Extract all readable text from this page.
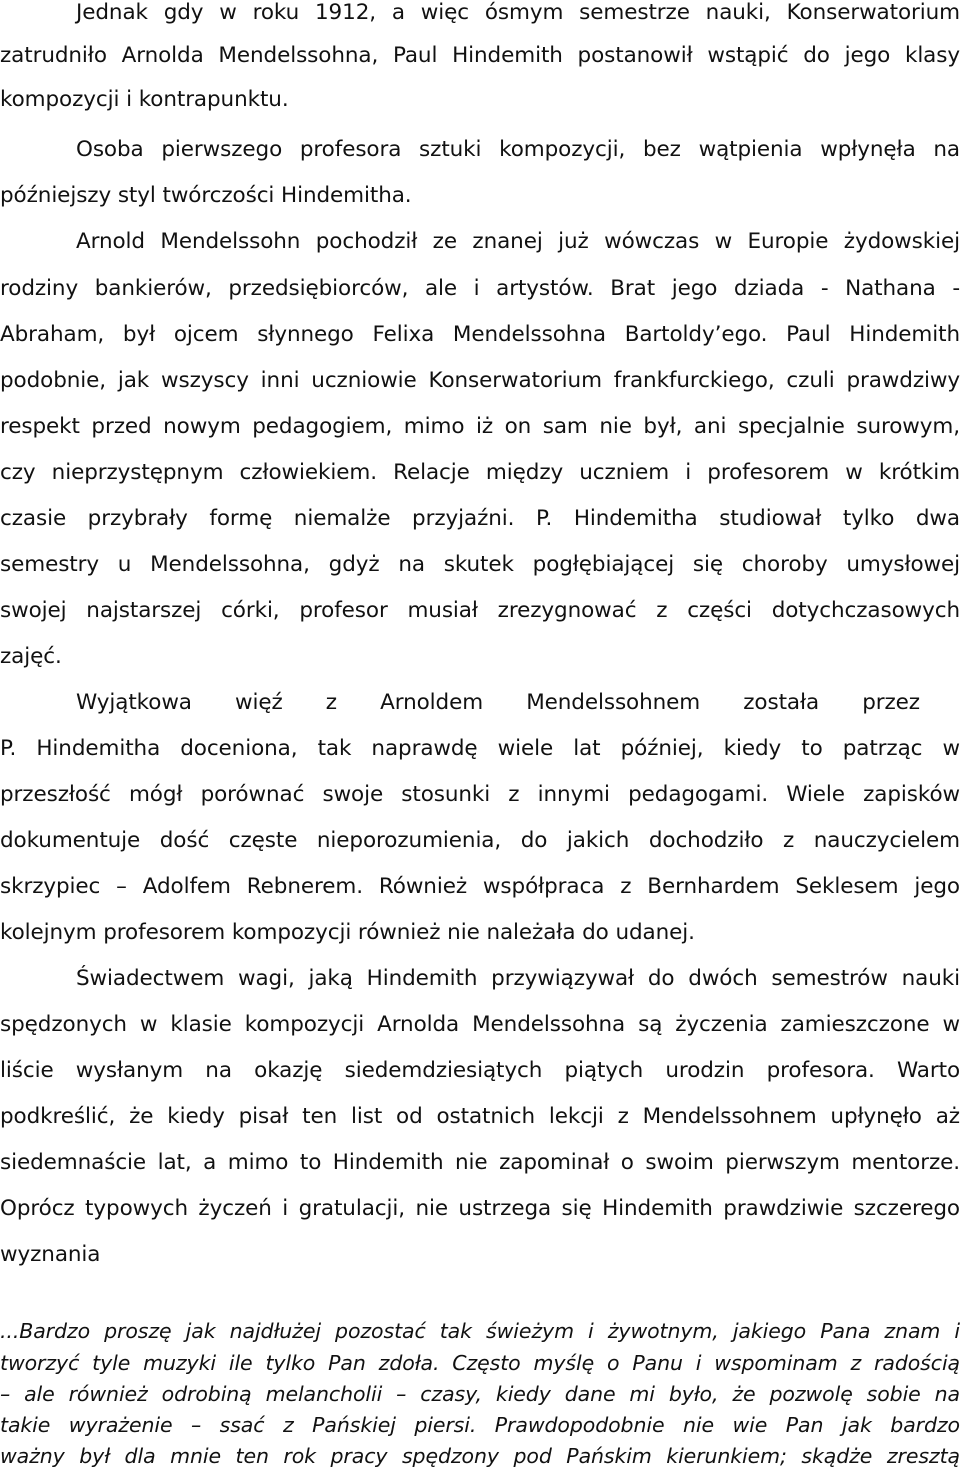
Jednak gdy w roku 1912, a więc ósmym semestrze nauki, Konserwatorium
zatrudniło Arnolda Mendelssohna, Paul Hindemith postanowił wstąpić do jego klasy
kompozycji i kontrapunktu.
Osoba pierwszego profesora sztuki kompozycji, bez wątpienia wpłynęła na
późniejszy styl twórczości Hindemitha.
Arnold Mendelssohn pochodził ze znanej już wówczas w Europie żydowskiej
rodziny bankierów, przedsiębiorców, ale i artystów. Brat jego dziada - Nathana -
Abraham, był ojcem słynnego Felixa Mendelssohna Bartoldy’ego. Paul Hindemith
podobnie, jak wszyscy inni uczniowie Konserwatorium frankfurckiego, czuli prawdziwy
respekt przed nowym pedagogiem, mimo iż on sam nie był, ani specjalnie surowym,
czy nieprzystępnym człowiekiem. Relacje między uczniem i profesorem w krótkim
czasie przybrały formę niemalże przyjaźni. P. Hindemitha studiował tylko dwa
semestry u Mendelssohna, gdyż na skutek pogłębiającej się choroby umysłowej
swojej najstarszej córki, profesor musiał zrezygnować z części dotychczasowych
zajęć.
Wyjątkowa więź z Arnoldem Mendelssohnem została przez
P. Hindemitha doceniona, tak naprawdę wiele lat później, kiedy to patrząc w
przeszłość mógł porównać swoje stosunki z innymi pedagogami. Wiele zapisków
dokumentuje dość częste nieporozumienia, do jakich dochodziło z nauczycielem
skrzypiec – Adolfem Rebnerem. Również współpraca z Bernhardem Seklesem jego
kolejnym profesorem kompozycji również nie należała do udanej.
Świadectwem wagi, jaką Hindemith przywiązywał do dwóch semestrów nauki
spędzonych w klasie kompozycji Arnolda Mendelssohna są życzenia zamieszczone w
liście wysłanym na okazję siedemdziesiątych piątych urodzin profesora. Warto
podkreślić, że kiedy pisał ten list od ostatnich lekcji z Mendelssohnem upłynęło aż
siedemnaście lat, a mimo to Hindemith nie zapominał o swoim pierwszym mentorze.
Oprócz typowych życzeń i gratulacji, nie ustrzega się Hindemith prawdziwie szczerego
wyznania
...Bardzo proszę jak najdłużej pozostać tak świeżym i żywotnym, jakiego Pana znam i
tworzyć tyle muzyki ile tylko Pan zdoła. Często myślę o Panu i wspominam z radością
– ale również odrobiną melancholii – czasy, kiedy dane mi było, że pozwolę sobie na
takie wyrażenie – ssać z Pańskiej piersi. Prawdopodobnie nie wie Pan jak bardzo
ważny był dla mnie ten rok pracy spędzony pod Pańskim kierunkiem; skądże zresztą
